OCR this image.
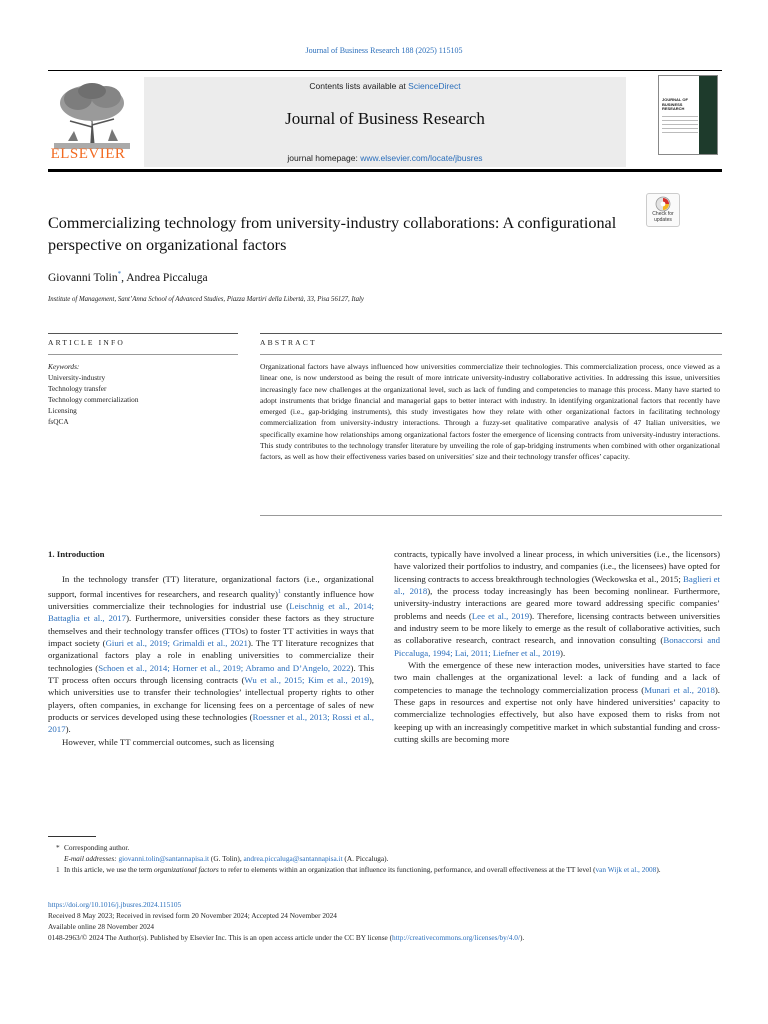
Journal of Business Research 188 (2025) 115105
ELSEVIER
Contents lists available at ScienceDirect
Journal of Business Research
journal homepage: www.elsevier.com/locate/jbusres
JOURNAL OF BUSINESS RESEARCH
Check for updates
Commercializing technology from university-industry collaborations: A configurational perspective on organizational factors
Giovanni Tolin*, Andrea Piccaluga
Institute of Management, Sant’Anna School of Advanced Studies, Piazza Martiri della Libertà, 33, Pisa 56127, Italy
ARTICLE INFO	ABSTRACT
Keywords:
University-industry
Technology transfer
Technology commercialization
Licensing
fsQCA
Organizational factors have always influenced how universities commercialize their technologies. This commercialization process, once viewed as a linear one, is now understood as being the result of more intricate university-industry collaborative activities. In addressing this issue, universities increasingly face new challenges at the organizational level, such as lack of funding and competencies to manage this process. Many have started to adopt instruments that bridge financial and managerial gaps to better interact with industry. In identifying organizational factors that recently have emerged (i.e., gap-bridging instruments), this study investigates how they relate with other organizational factors in facilitating technology commercialization from university-industry interactions. Through a fuzzy-set qualitative comparative analysis of 47 Italian universities, we specifically examine how relationships among organizational factors foster the emergence of licensing contracts from university-industry interactions. This study contributes to the technology transfer literature by unveiling the role of gap-bridging instruments when combined with other organizational factors, as well as how their effectiveness varies based on universities’ size and their technology transfer offices’ capacity.
1. Introduction

In the technology transfer (TT) literature, organizational factors (i.e., organizational support, formal incentives for researchers, and research quality)$^1$ constantly influence how universities commercialize their technologies for industrial use (Leischnig et al., 2014; Battaglia et al., 2017). Furthermore, universities consider these factors as they structure themselves and their technology transfer offices (TTOs) to foster TT activities in ways that impact society (Giuri et al., 2019; Grimaldi et al., 2021). The TT literature recognizes that organizational factors play a role in enabling universities to commercialize their technologies (Schoen et al., 2014; Horner et al., 2019; Abramo and D’Angelo, 2022). This TT process often occurs through licensing contracts (Wu et al., 2015; Kim et al., 2019), which universities use to transfer their technologies’ intellectual property rights to other players, often companies, in exchange for licensing fees on a percentage of sales of new products or services developed using these technologies (Roessner et al., 2013; Rossi et al., 2017).

However, while TT commercial outcomes, such as licensing

contracts, typically have involved a linear process, in which universities (i.e., the licensors) have valorized their portfolios to industry, and companies (i.e., the licensees) have opted for licensing contracts to access breakthrough technologies (Weckowska et al., 2015; Baglieri et al., 2018), the process today increasingly has been becoming nonlinear. Furthermore, university-industry interactions are geared more toward addressing specific companies’ problems and needs (Lee et al., 2019). Therefore, licensing contracts between universities and industry seem to be more likely to emerge as the result of collaborative activities, such as collaborative research, contract research, and innovation consulting (Bonaccorsi and Piccaluga, 1994; Lai, 2011; Liefner et al., 2019).

With the emergence of these new interaction modes, universities have started to face two main challenges at the organizational level: a lack of funding and a lack of competencies to manage the technology commercialization process (Munari et al., 2018). These gaps in resources and expertise not only have hindered universities’ capacity to commercialize technologies effectively, but also have exposed them to risks from not keeping up with an increasingly competitive market in which substantial funding and cross-cutting skills are becoming more

* Corresponding author.
E-mail addresses: giovanni.tolin@santannapisa.it (G. Tolin), andrea.piccaluga@santannapisa.it (A. Piccaluga).
1 In this article, we use the term organizational factors to refer to elements within an organization that influence its functioning, performance, and overall effectiveness at the TT level (van Wijk et al., 2008).
https://doi.org/10.1016/j.jbusres.2024.115105
Received 8 May 2023; Received in revised form 20 November 2024; Accepted 24 November 2024
Available online 28 November 2024
0148-2963/© 2024 The Author(s). Published by Elsevier Inc. This is an open access article under the CC BY license (http://creativecommons.org/licenses/by/4.0/).
